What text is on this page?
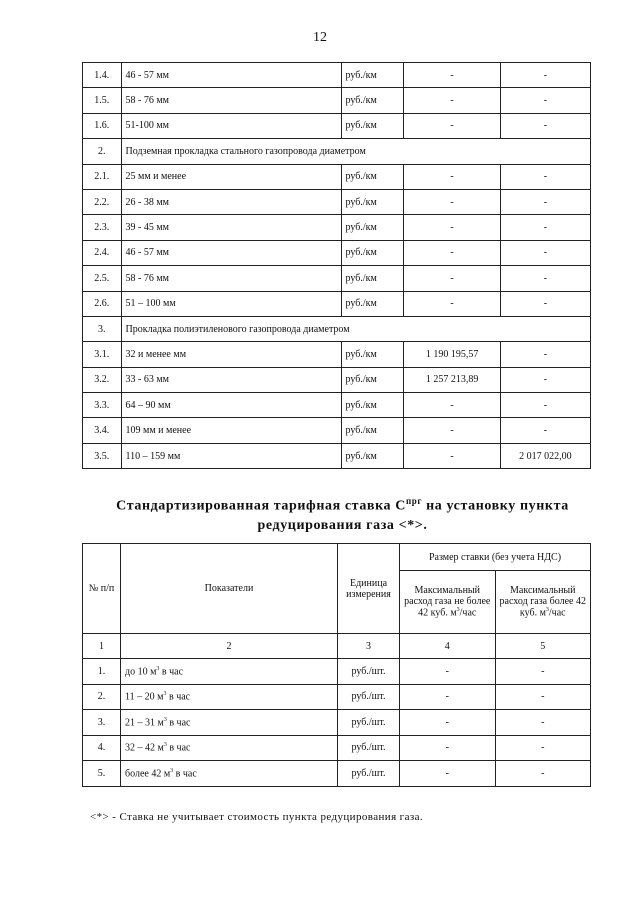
12
1.4.	46 - 57 мм	руб./км	-	-
1.5.	58 - 76 мм	руб./км	-	-
1.6.	51-100 мм	руб./км	-	-
2.	Подземная прокладка стального газопровода диаметром			
2.1.	25 мм и менее	руб./км	-	-
2.2.	26 - 38 мм	руб./км	-	-
2.3.	39 - 45 мм	руб./км	-	-
2.4.	46 - 57 мм	руб./км	-	-
2.5.	58 - 76 мм	руб./км	-	-
2.6.	51 – 100 мм	руб./км	-	-
3.	Прокладка полиэтиленового газопровода диаметром			
3.1.	32 и менее мм	руб./км	1 190 195,57	-
3.2.	33 - 63 мм	руб./км	1 257 213,89	-
3.3.	64 – 90 мм	руб./км	-	-
3.4.	109 мм и менее	руб./км	-	-
3.5.	110 – 159 мм	руб./км	-	2 017 022,00
Стандартизированная тарифная ставка $С^{прг}$ на установку пункта
редуцирования газа <*>.
№ п/п	Показатели	Единица измерения	Размер ставки (без учета НДС)	
			Максимальный расход газа не более 42 куб. $м^3$/час	Максимальный расход газа более 42 куб. $м^3$/час
1	2	3	4	5
1.	до 10 $м^3$ в час	руб./шт.	-	-
2.	11 – 20 $м^3$ в час	руб./шт.	-	-
3.	21 – 31 $м^3$ в час	руб./шт.	-	-
4.	32 – 42 $м^3$ в час	руб./шт.	-	-
5.	более 42 $м^3$ в час	руб./шт.	-	-
<*> - Ставка не учитывает стоимость пункта редуцирования газа.
